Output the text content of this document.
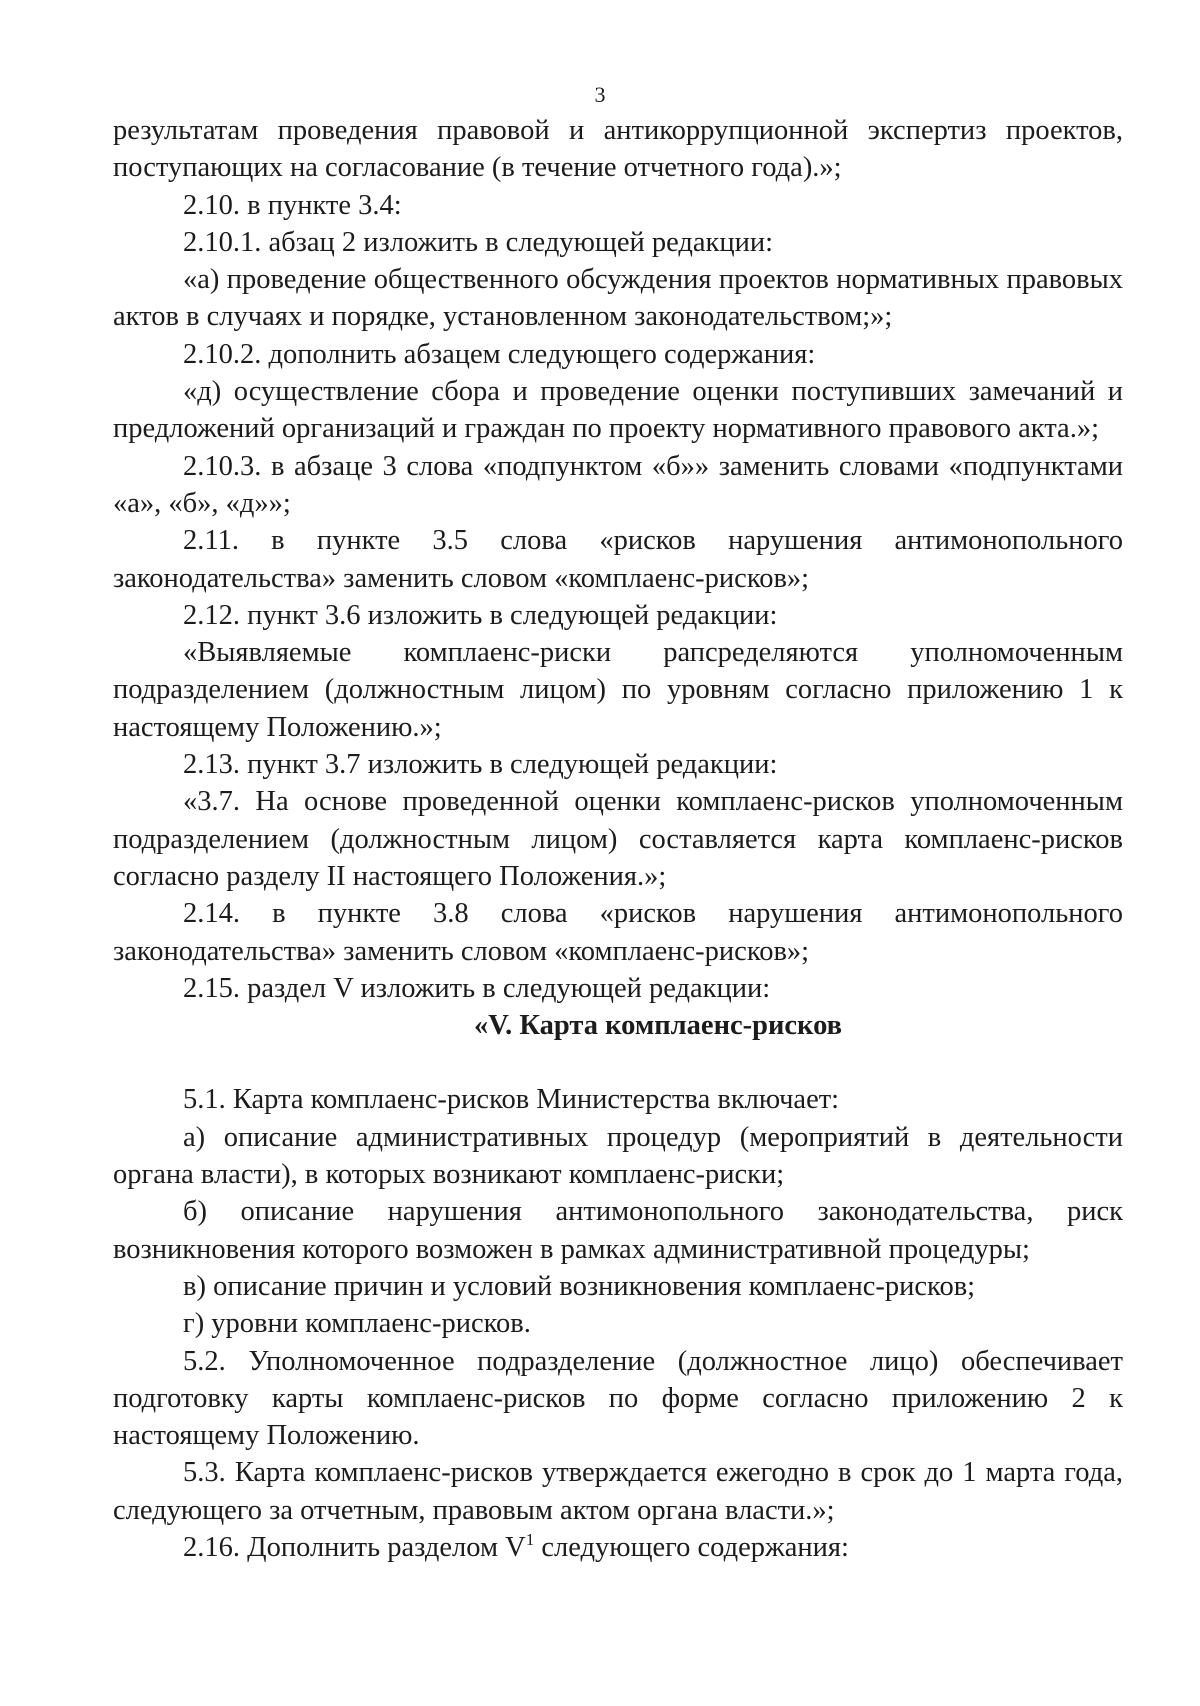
3

результатам проведения правовой и антикоррупционной экспертиз проектов, поступающих на согласование (в течение отчетного года).»;

2.10. в пункте 3.4:

2.10.1. абзац 2 изложить в следующей редакции:

«а) проведение общественного обсуждения проектов нормативных правовых актов в случаях и порядке, установленном законодательством;»;

2.10.2. дополнить абзацем следующего содержания:

«д) осуществление сбора и проведение оценки поступивших замечаний и предложений организаций и граждан по проекту нормативного правового акта.»;

2.10.3. в абзаце 3 слова «подпунктом «б»» заменить словами «подпунктами «а», «б», «д»»;

2.11. в пункте 3.5 слова «рисков нарушения антимонопольного законодательства» заменить словом «комплаенс-рисков»;

2.12. пункт 3.6 изложить в следующей редакции:

«Выявляемые комплаенс-риски рапсределяются уполномоченным подразделением (должностным лицом) по уровням согласно приложению 1 к настоящему Положению.»;

2.13. пункт 3.7 изложить в следующей редакции:

«3.7. На основе проведенной оценки комплаенс-рисков уполномоченным подразделением (должностным лицом) составляется карта комплаенс-рисков согласно разделу II настоящего Положения.»;

2.14. в пункте 3.8 слова «рисков нарушения антимонопольного законодательства» заменить словом «комплаенс-рисков»;

2.15. раздел V изложить в следующей редакции:

«V. Карта комплаенс-рисков

5.1. Карта комплаенс-рисков Министерства включает:

а) описание административных процедур (мероприятий в деятельности органа власти), в которых возникают комплаенс-риски;

б) описание нарушения антимонопольного законодательства, риск возникновения которого возможен в рамках административной процедуры;

в) описание причин и условий возникновения комплаенс-рисков;

г) уровни комплаенс-рисков.

5.2. Уполномоченное подразделение (должностное лицо) обеспечивает подготовку карты комплаенс-рисков по форме согласно приложению 2 к настоящему Положению.

5.3. Карта комплаенс-рисков утверждается ежегодно в срок до 1 марта года, следующего за отчетным, правовым актом органа власти.»;

2.16. Дополнить разделом $V^1$ следующего содержания:
